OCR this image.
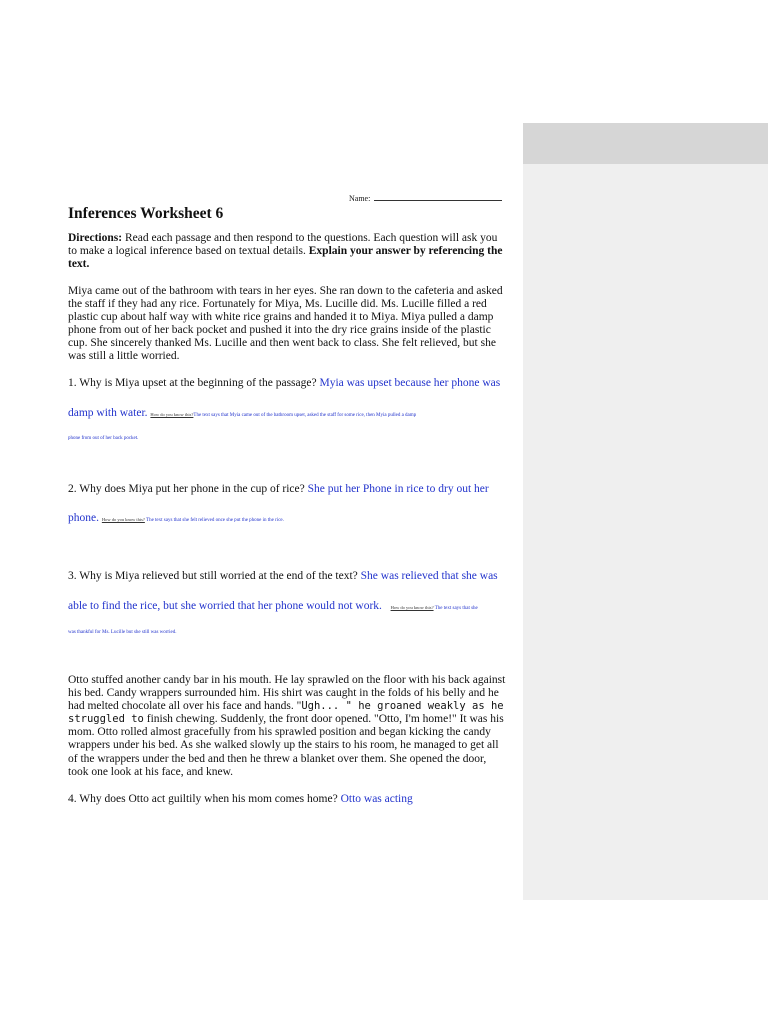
Name:
Inferences Worksheet 6
Directions: Read each passage and then respond to the questions. Each question will ask you to make a logical inference based on textual details. Explain your answer by referencing the text.
Miya came out of the bathroom with tears in her eyes. She ran down to the cafeteria and asked the staff if they had any rice. Fortunately for Miya, Ms. Lucille did. Ms. Lucille filled a red plastic cup about half way with white rice grains and handed it to Miya. Miya pulled a damp phone from out of her back pocket and pushed it into the dry rice grains inside of the plastic cup. She sincerely thanked Ms. Lucille and then went back to class. She felt relieved, but she was still a little worried.
1. Why is Miya upset at the beginning of the passage? Myia was upset because her phone was
damp with water. How do you know this?The text says that Myia came out of the bathroom upset, asked the staff for some rice, then Myia pulled a damp
phone from out of her back pocket.
2. Why does Miya put her phone in the cup of rice? She put her Phone in rice to dry out her
phone. How do you know this? The text says that she felt relieved once she put the phone in the rice.
3. Why is Miya relieved but still worried at the end of the text? She was relieved that she was
able to find the rice, but she worried that her phone would not work. How do you know this? The text says that she
was thankful for Ms. Lucille but she still was worried.
Otto stuffed another candy bar in his mouth. He lay sprawled on the floor with his back against his bed. Candy wrappers surrounded him. His shirt was caught in the folds of his belly and he had melted chocolate all over his face and hands. "Ugh... " he groaned weakly as he struggled to finish chewing. Suddenly, the front door opened. "Otto, I'm home!" It was his mom. Otto rolled almost gracefully from his sprawled position and began kicking the candy wrappers under his bed. As she walked slowly up the stairs to his room, he managed to get all of the wrappers under the bed and then he threw a blanket over them. She opened the door, took one look at his face, and knew.
4. Why does Otto act guiltily when his mom comes home? Otto was acting
